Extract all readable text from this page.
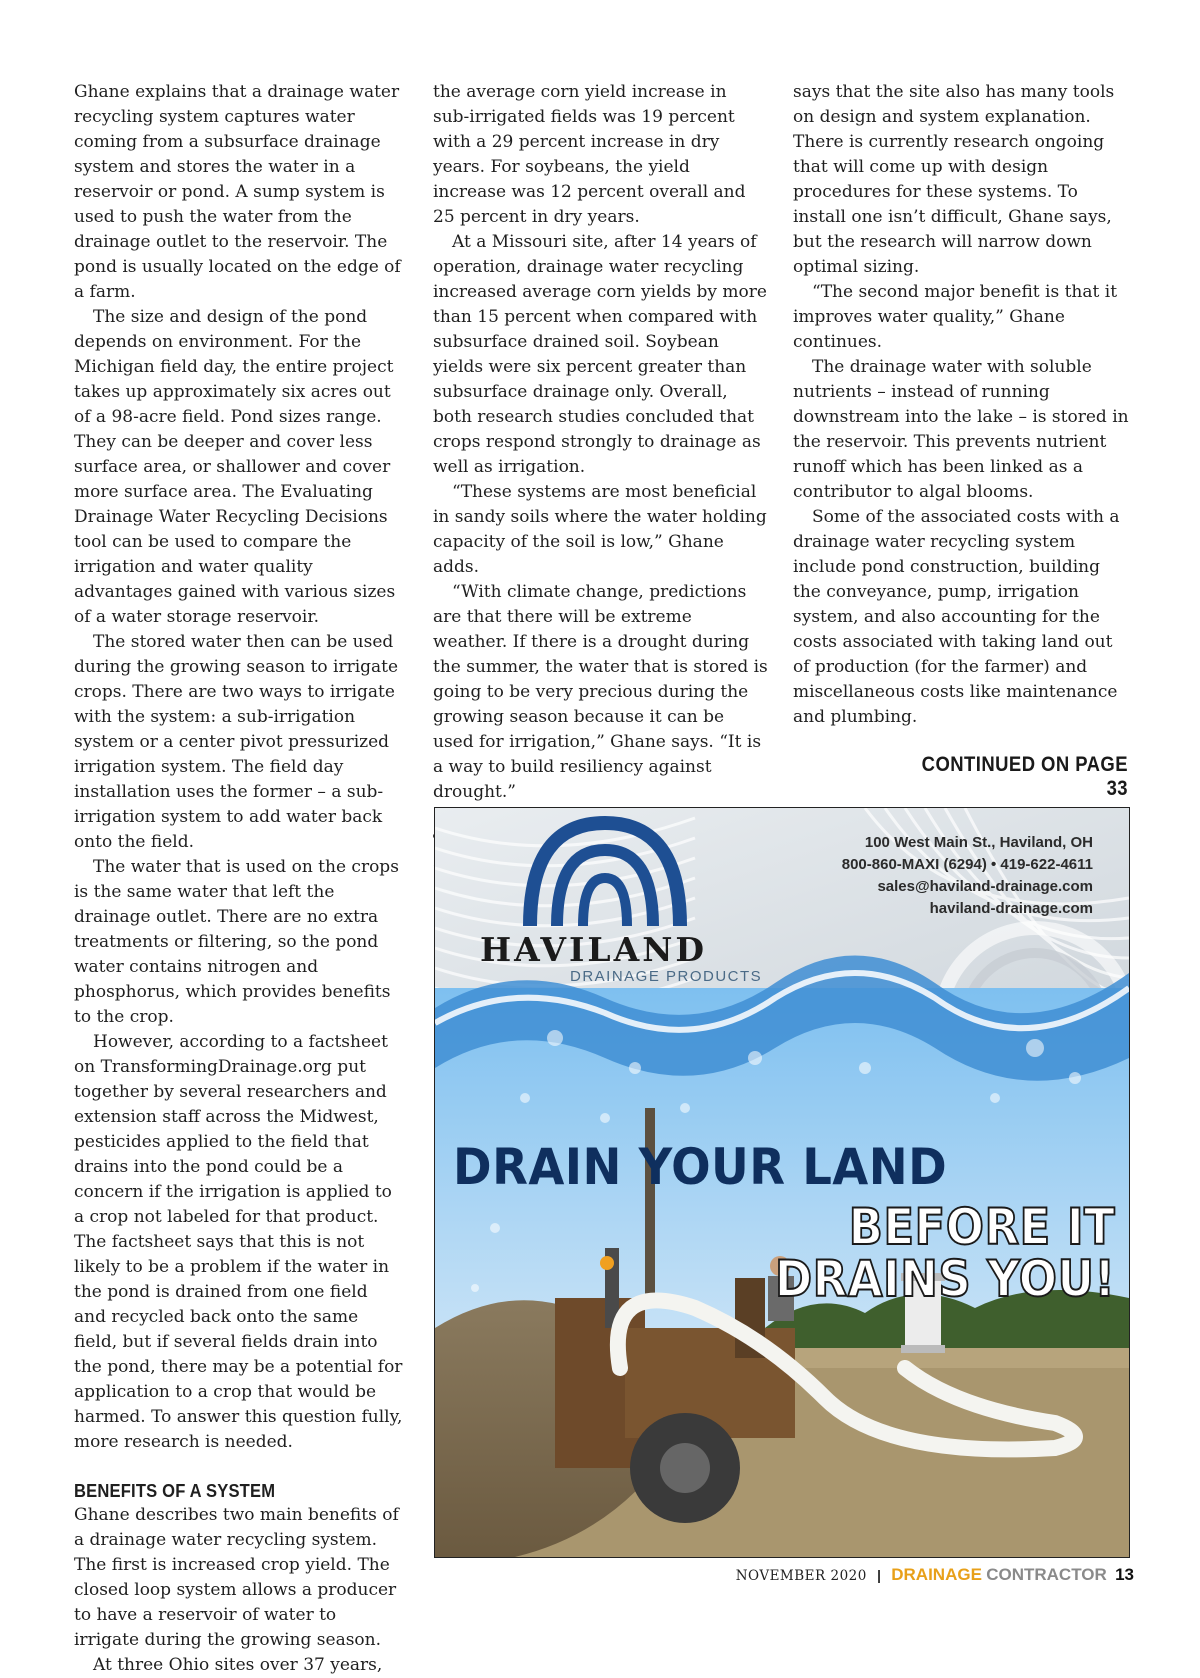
Ghane explains that a drainage water recycling system captures water coming from a subsurface drainage system and stores the water in a reservoir or pond. A sump system is used to push the water from the drainage outlet to the reservoir. The pond is usually located on the edge of a farm.

The size and design of the pond depends on environment. For the Michigan field day, the entire project takes up approximately six acres out of a 98-acre field. Pond sizes range. They can be deeper and cover less surface area, or shallower and cover more surface area. The Evaluating Drainage Water Recycling Decisions tool can be used to compare the irrigation and water quality advantages gained with various sizes of a water storage reservoir.

The stored water then can be used during the growing season to irrigate crops. There are two ways to irrigate with the system: a sub-irrigation system or a center pivot pressurized irrigation system. The field day installation uses the former – a sub-irrigation system to add water back onto the field.

The water that is used on the crops is the same water that left the drainage outlet. There are no extra treatments or filtering, so the pond water contains nitrogen and phosphorus, which provides benefits to the crop.

However, according to a factsheet on TransformingDrainage.org put together by several researchers and extension staff across the Midwest, pesticides applied to the field that drains into the pond could be a concern if the irrigation is applied to a crop not labeled for that product. The factsheet says that this is not likely to be a problem if the water in the pond is drained from one field and recycled back onto the same field, but if several fields drain into the pond, there may be a potential for application to a crop that would be harmed. To answer this question fully, more research is needed.

BENEFITS OF A SYSTEM

Ghane describes two main benefits of a drainage water recycling system. The first is increased crop yield. The closed loop system allows a producer to have a reservoir of water to irrigate during the growing season.

At three Ohio sites over 37 years,

the average corn yield increase in sub-irrigated fields was 19 percent with a 29 percent increase in dry years. For soybeans, the yield increase was 12 percent overall and 25 percent in dry years.

At a Missouri site, after 14 years of operation, drainage water recycling increased average corn yields by more than 15 percent when compared with subsurface drained soil. Soybean yields were six percent greater than subsurface drainage only. Overall, both research studies concluded that crops respond strongly to drainage as well as irrigation.

“These systems are most beneficial in sandy soils where the water holding capacity of the soil is low,” Ghane adds.

“With climate change, predictions are that there will be extreme weather. If there is a drought during the summer, the water that is stored is going to be very precious during the growing season because it can be used for irrigation,” Ghane says. “It is a way to build resiliency against drought.”

says that the site also has many tools on design and system explanation. There is currently research ongoing that will come up with design procedures for these systems. To install one isn’t difficult, Ghane says, but the research will narrow down optimal sizing.

“The second major benefit is that it improves water quality,” Ghane continues.

The drainage water with soluble nutrients – instead of running downstream into the lake – is stored in the reservoir. This prevents nutrient runoff which has been linked as a contributor to algal blooms.

Some of the associated costs with a drainage water recycling system include pond construction, building the conveyance, pump, irrigation system, and also accounting for the costs associated with taking land out of production (for the farmer) and miscellaneous costs like maintenance and plumbing.

CONTINUED ON PAGE 33
100 West Main St., Haviland, OH
800-860-MAXI (6294) • 419-622-4611
sales@haviland-drainage.com
haviland-drainage.com
HAVILAND
DRAINAGE PRODUCTS
DRAIN YOUR LAND
BEFORE IT
DRAINS YOU!
NOVEMBER 2020 | DRAINAGE CONTRACTOR 13
